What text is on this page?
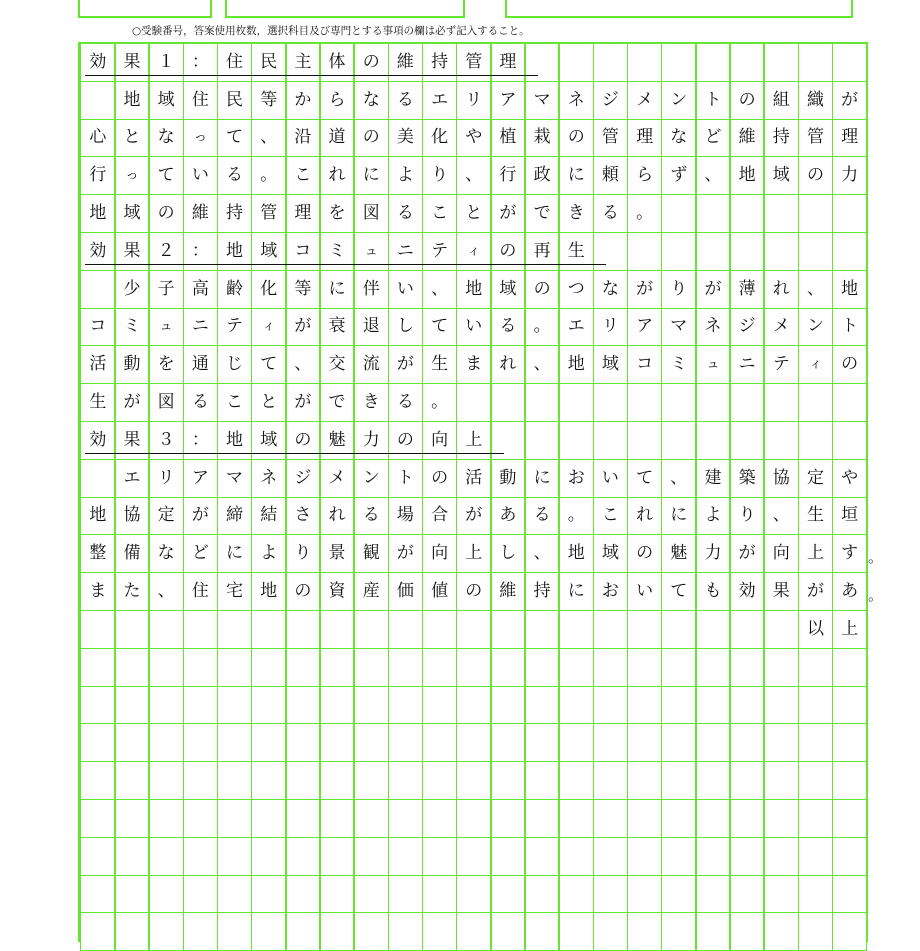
○受験番号，答案使用枚数，選択科目及び専門とする事項の欄は必ず記入すること。
効 果 １ ： 住 民 主 体 の 維 持 管 理
地 域 住 民 等 か ら な る エ リ ア マ ネ ジ メ ン ト の 組 織 が
心 と な っ て 、 沿 道 の 美 化 や 植 栽 の 管 理 な ど 維 持 管 理
行 っ て い る 。 こ れ に よ り 、 行 政 に 頼 ら ず 、 地 域 の 力
地 域 の 維 持 管 理 を 図 る こ と が で き る 。
効 果 ２ ： 地 域 コ ミ ュ ニ テ ィ の 再 生
少 子 高 齢 化 等 に 伴 い 、 地 域 の つ な が り が 薄 れ 、 地
コ ミ ュ ニ テ ィ が 衰 退 し て い る 。 エ リ ア マ ネ ジ メ ン ト
活 動 を 通 じ て 、 交 流 が 生 ま れ 、 地 域 コ ミ ュ ニ テ ィ の
生 が 図 る こ と が で き る 。
効 果 ３ ： 地 域 の 魅 力 の 向 上
エ リ ア マ ネ ジ メ ン ト の 活 動 に お い て 、 建 築 協 定 や
地 協 定 が 締 結 さ れ る 場 合 が あ る 。 こ れ に よ り 、 生 垣
整 備 な ど に よ り 景 観 が 向 上 し 、 地 域 の 魅 力 が 向 上 す 。
ま た 、 住 宅 地 の 資 産 価 値 の 維 持 に お い て も 効 果 が あ 。
以 上
